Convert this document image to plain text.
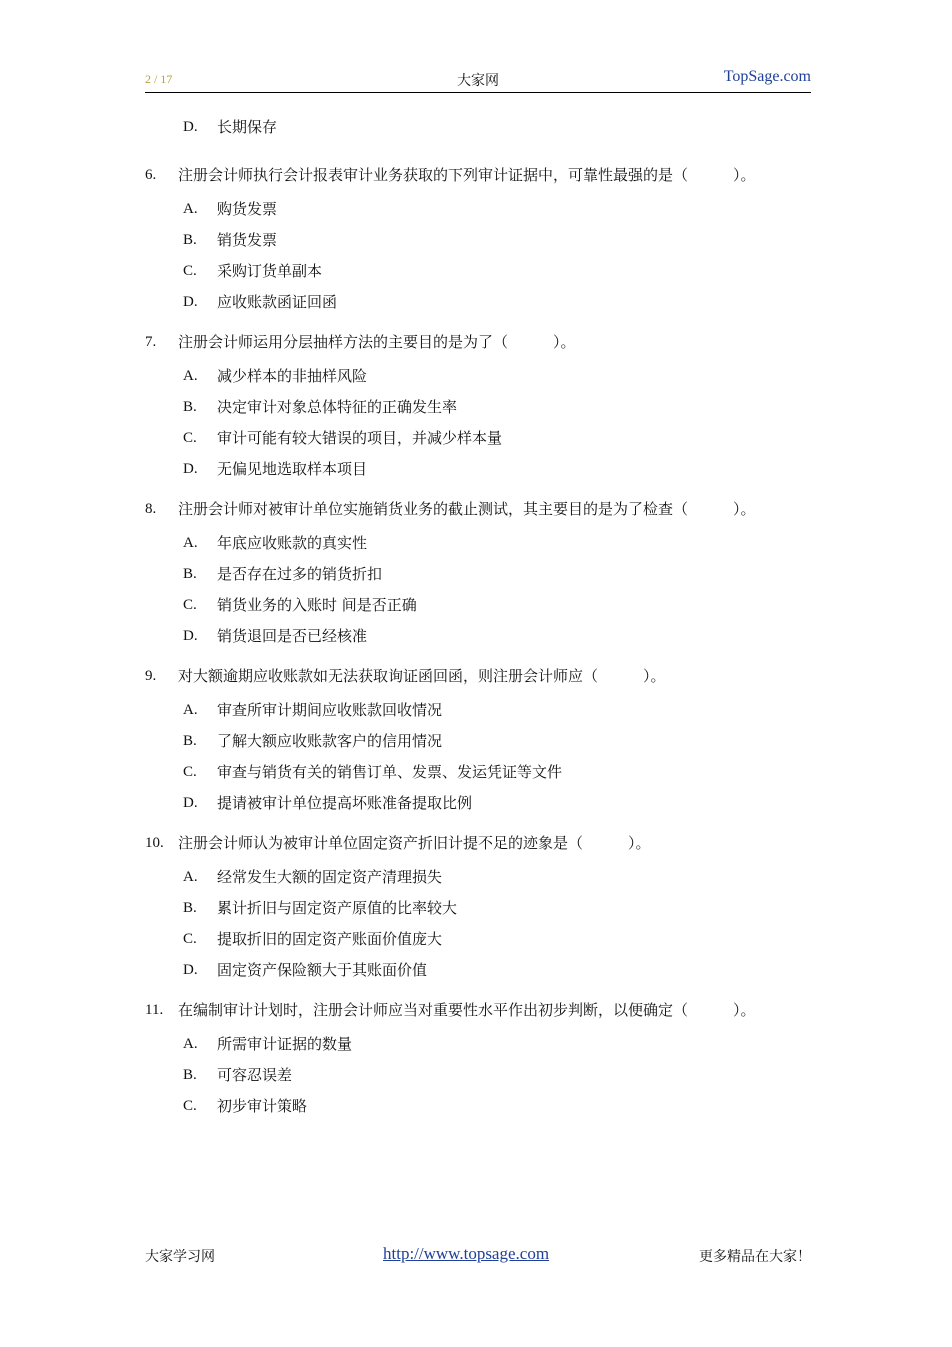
2 / 17	大家网	TopSage.com
D.	长期保存
6.	注册会计师执行会计报表审计业务获取的下列审计证据中，可靠性最强的是（　　　）。
A.	购货发票
B.	销货发票
C.	采购订货单副本
D.	应收账款函证回函
7.	注册会计师运用分层抽样方法的主要目的是为了（　　　）。
A.	减少样本的非抽样风险
B.	决定审计对象总体特征的正确发生率
C.	审计可能有较大错误的项目，并减少样本量
D.	无偏见地选取样本项目
8.	注册会计师对被审计单位实施销货业务的截止测试，其主要目的是为了检查（　　　）。
A.	年底应收账款的真实性
B.	是否存在过多的销货折扣
C.	销货业务的入账时 间是否正确
D.	销货退回是否已经核准
9.	对大额逾期应收账款如无法获取询证函回函，则注册会计师应（　　　）。
A.	审查所审计期间应收账款回收情况
B.	了解大额应收账款客户的信用情况
C.	审查与销货有关的销售订单、发票、发运凭证等文件
D.	提请被审计单位提高坏账准备提取比例
10. 注册会计师认为被审计单位固定资产折旧计提不足的迹象是（　　　）。
A.	经常发生大额的固定资产清理损失
B.	累计折旧与固定资产原值的比率较大
C.	提取折旧的固定资产账面价值庞大
D.	固定资产保险额大于其账面价值
11. 在编制审计计划时，注册会计师应当对重要性水平作出初步判断，以便确定（　　　）。
A.	所需审计证据的数量
B.	可容忍误差
C.	初步审计策略
大家学习网	http://www.topsage.com	更多精品在大家！
